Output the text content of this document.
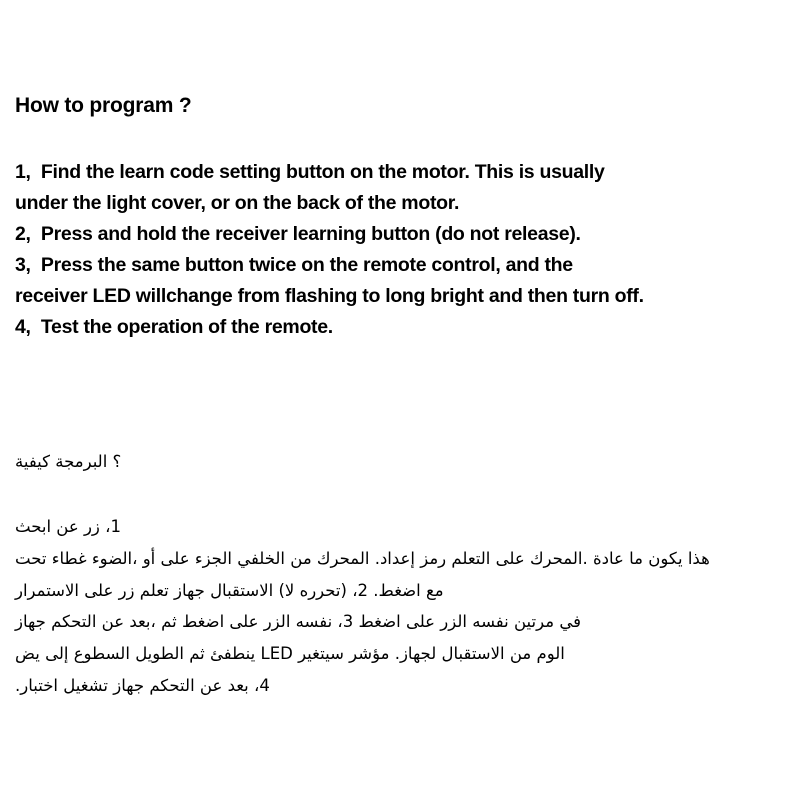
How to program ?
1,  Find the learn code setting button on the motor. This is usually
under the light cover, or on the back of the motor.
2,  Press and hold the receiver learning button (do not release).
3,  Press the same button twice on the remote control, and the
receiver LED willchange from flashing to long bright and then turn off.
4,  Test the operation of the remote.
كيفية البرمجة ؟
ابحث عن زر ،1
تحت غطاء الضوء، أو على الجزء الخلفي من المحرك .إعداد رمز التعلم على المحرك. عادة ما يكون هذا
الاستمرار على زر تعلم جهاز الاستقبال (لا تحرره) ،2 .اضغط مع
جهاز التحكم عن بعد، ثم اضغط على الزر نفسه ،3 اضغط على الزر نفسه مرتين في
يض إلى السطوع الطويل ثم ينطفئ LED سيتغير مؤشر .لجهاز الاستقبال من الوم
.اختبار تشغيل جهاز التحكم عن بعد ،4
